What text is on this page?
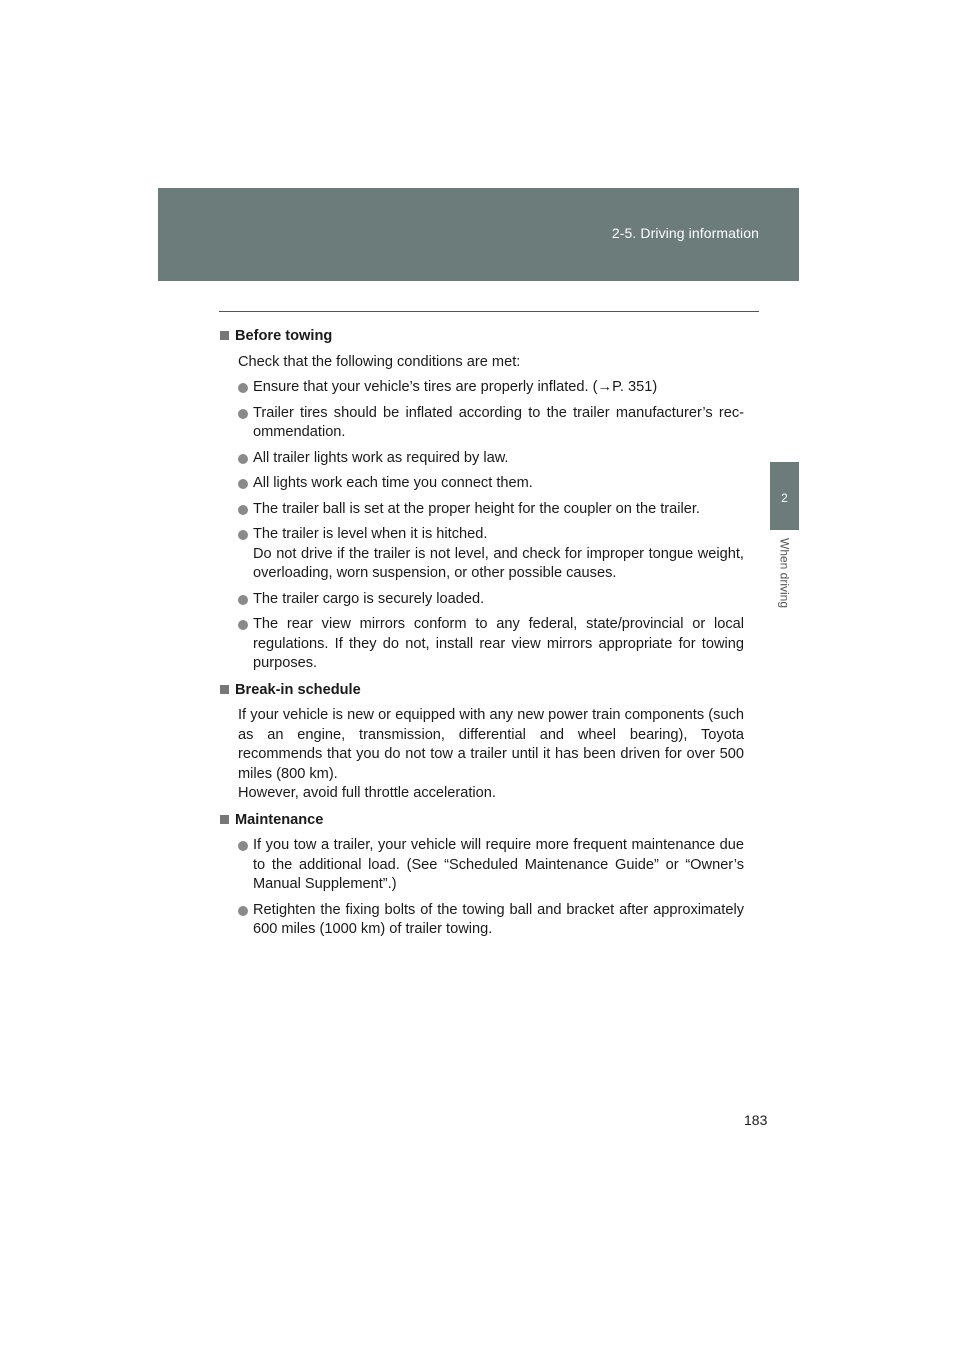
2-5. Driving information
2
When driving
Before towing
Check that the following conditions are met:
Ensure that your vehicle’s tires are properly inflated. (→P. 351)
Trailer tires should be inflated according to the trailer manufacturer’s recommendation.
All trailer lights work as required by law.
All lights work each time you connect them.
The trailer ball is set at the proper height for the coupler on the trailer.
The trailer is level when it is hitched.
Do not drive if the trailer is not level, and check for improper tongue weight, overloading, worn suspension, or other possible causes.
The trailer cargo is securely loaded.
The rear view mirrors conform to any federal, state/provincial or local regulations. If they do not, install rear view mirrors appropriate for towing purposes.
Break-in schedule
If your vehicle is new or equipped with any new power train components (such as an engine, transmission, differential and wheel bearing), Toyota recommends that you do not tow a trailer until it has been driven for over 500 miles (800 km).
However, avoid full throttle acceleration.
Maintenance
If you tow a trailer, your vehicle will require more frequent maintenance due to the additional load. (See “Scheduled Maintenance Guide” or “Owner’s Manual Supplement”.)
Retighten the fixing bolts of the towing ball and bracket after approximately 600 miles (1000 km) of trailer towing.
183
